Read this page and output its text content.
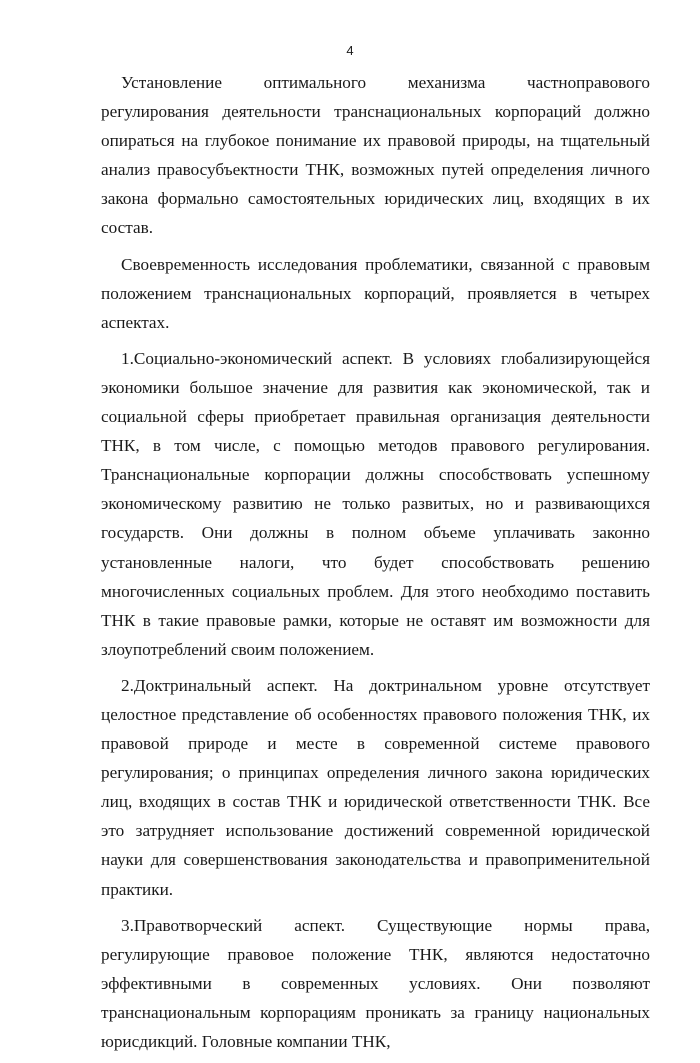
4

Установление оптимального механизма частноправового регулирования деятельности транснациональных корпораций должно опираться на глубокое понимание их правовой природы, на тщательный анализ правосубъектности ТНК, возможных путей определения личного закона формально самостоятельных юридических лиц, входящих в их состав.

Своевременность исследования проблематики, связанной с правовым положением транснациональных корпораций, проявляется в четырех аспектах.

1.Социально-экономический аспект. В условиях глобализирующейся экономики большое значение для развития как экономической, так и социальной сферы приобретает правильная организация деятельности ТНК, в том числе, с помощью методов правового регулирования. Транснациональные корпорации должны способствовать успешному экономическому развитию не только развитых, но и развивающихся государств. Они должны в полном объеме уплачивать законно установленные налоги, что будет способствовать решению многочисленных социальных проблем. Для этого необходимо поставить ТНК в такие правовые рамки, которые не оставят им возможности для злоупотреблений своим положением.

2.Доктринальный аспект. На доктринальном уровне отсутствует целостное представление об особенностях правового положения ТНК, их правовой природе и месте в современной системе правового регулирования; о принципах определения личного закона юридических лиц, входящих в состав ТНК и юридической ответственности ТНК. Все это затрудняет использование достижений современной юридической науки для совершенствования законодательства и правоприменительной практики.

3.Правотворческий аспект. Существующие нормы права, регулирующие правовое положение ТНК, являются недостаточно эффективными в современных условиях. Они позволяют транснациональным корпорациям проникать за границу национальных юрисдикций. Головные компании ТНК,
